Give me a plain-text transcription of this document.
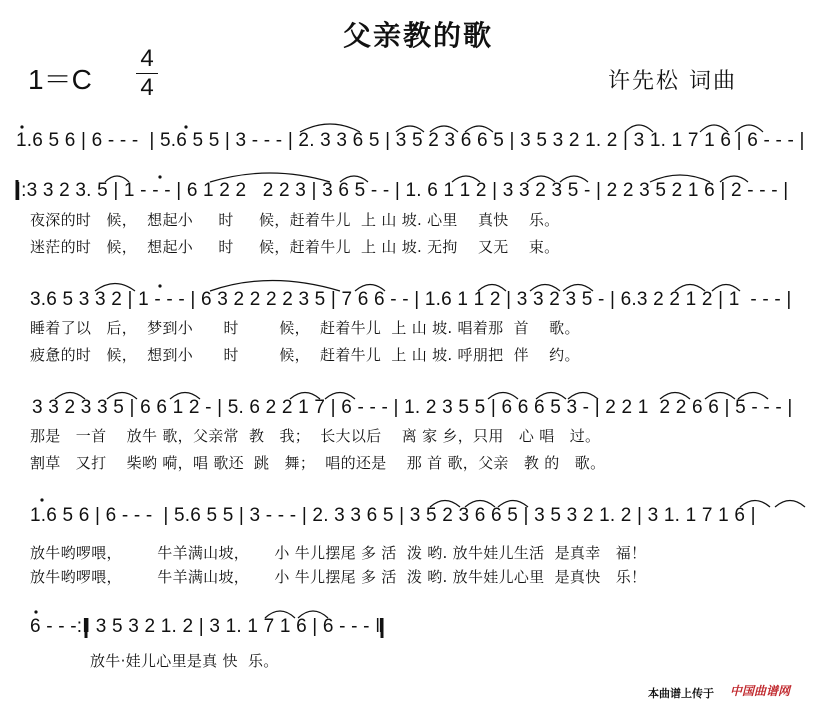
父亲教的歌
1＝C
4
4	许先松 词曲
1.6 5 6 | 6 - - -  | 5.6 5 5 | 3 - - - | 2. 3 3 6 5 | 3 5 2 3 6 6 5 | 3 5 3 2 1. 2 | 3 1. 1 7 1 6 | 6 - - - |
|:3 3 2 3. 5 | 1 - - - | 6 1 2 2   2 2 3 | 3 6 5 - - | 1. 6 1 1 2 | 3 3 2 3 5 - | 2 2 3 5 2 1 6 | 2 - - - |
夜深的时   候，  想起小     时     候，赶着牛儿  上 山 坡. 心里    真快    乐。
迷茫的时   候，  想起小     时     候，赶着牛儿  上 山 坡. 无拘    又无    束。
3.6 5 3 3 2 | 1 - - - | 6 3 2 2 2 2 3 5 | 7 6 6 - - | 1.6 1 1 2 | 3 3 2 3 5 - | 6.3 2 2 1 2 | 1  - - - |
睡着了以   后，  梦到小      时        候，  赶着牛儿  上 山 坡. 唱着那  首    歌。
疲惫的时   候，  想到小      时        候，  赶着牛儿  上 山 坡. 呼朋把  伴    约。
3 3 2 3 3 5 | 6 6 1 2 - | 5. 6 2 2 1 7 | 6 - - - | 1. 2 3 5 5 | 6 6 6 5 3 - | 2 2 1  2 2 6 6 | 5 - - - |
那是   一首    放牛 歌，父亲常  教   我；  长大以后    离 家 乡，只用   心 唱   过。
割草   又打    柴哟 嗬，唱 歌还  跳   舞；  唱的还是    那 首 歌，父亲   教 的   歌。
1.6 5 6 | 6 - - -  | 5.6 5 5 | 3 - - - | 2. 3 3 6 5 | 3 5 2 3 6 6 5 | 3 5 3 2 1. 2 | 3 1. 1 7 1 6 |
放牛哟啰喂，       牛羊满山坡，     小 牛儿摆尾 多 活  泼 哟. 放牛娃儿生活  是真幸   福！
放牛哟啰喂，       牛羊满山坡，     小 牛儿摆尾 多 活  泼 哟. 放牛娃儿心里  是真快   乐！
6 - - -:‖ 3 5 3 2 1. 2 | 3 1. 1 7 1 6 | 6 - - - ‖
放牛·娃儿心里是真 快  乐。
本曲谱上传于 中国曲谱网
